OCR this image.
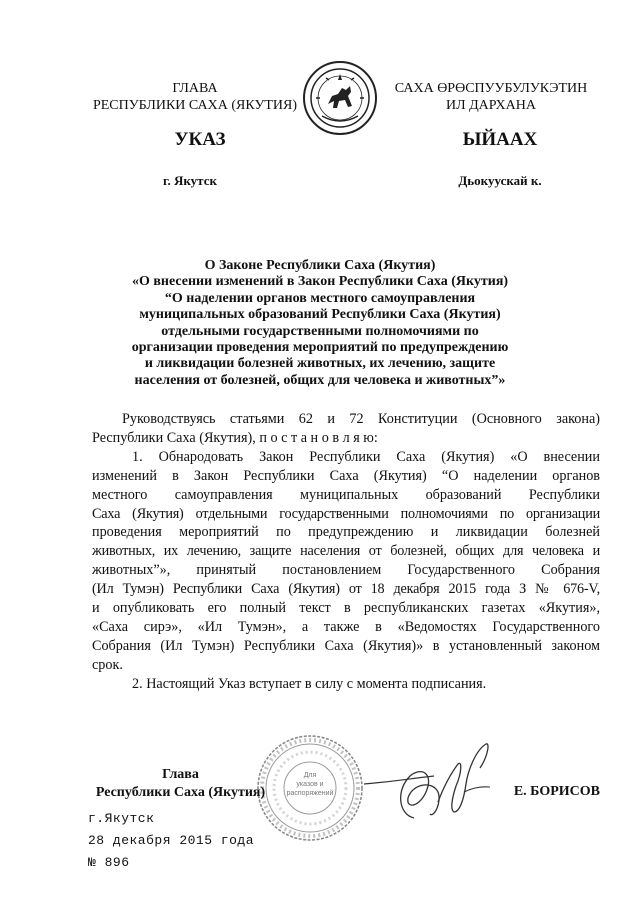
ГЛАВА
РЕСПУБЛИКИ САХА (ЯКУТИЯ)
САХА ӨРӨСПУУБУЛУКЭТИН
ИЛ ДАРХАНА
УКАЗ	ЫЙААХ
г. Якутск	Дьокуускай к.
О Законе Республики Саха (Якутия)
«О внесении изменений в Закон Республики Саха (Якутия)
“О наделении органов местного самоуправления
муниципальных образований Республики Саха (Якутия)
отдельными государственными полномочиями по
организации проведения мероприятий по предупреждению
и ликвидации болезней животных, их лечению, защите
населения от болезней, общих для человека и животных”»
Руководствуясь статьями 62 и 72 Конституции (Основного закона)
Республики Саха (Якутия), п о с т а н о в л я ю:
1. Обнародовать Закон Республики Саха (Якутия) «О внесении
изменений в Закон Республики Саха (Якутия) “О наделении органов
местного самоуправления муниципальных образований Республики
Саха (Якутия) отдельными государственными полномочиями по организации
проведения мероприятий по предупреждению и ликвидации болезней
животных, их лечению, защите населения от болезней, общих для человека и
животных”», принятый постановлением Государственного Собрания
(Ил Тумэн) Республики Саха (Якутия) от 18 декабря 2015 года З № 676-V,
и опубликовать его полный текст в республиканских газетах «Якутия»,
«Саха сирэ», «Ил Тумэн», а также в «Ведомостях Государственного
Собрания (Ил Тумэн) Республики Саха (Якутия)» в установленный законом
срок.
2. Настоящий Указ вступает в силу с момента подписания.
Для
указов и
распоряжений
Глава
Республики Саха (Якутия)	Е. БОРИСОВ
г.Якутск
28 декабря 2015 года
№ 896
